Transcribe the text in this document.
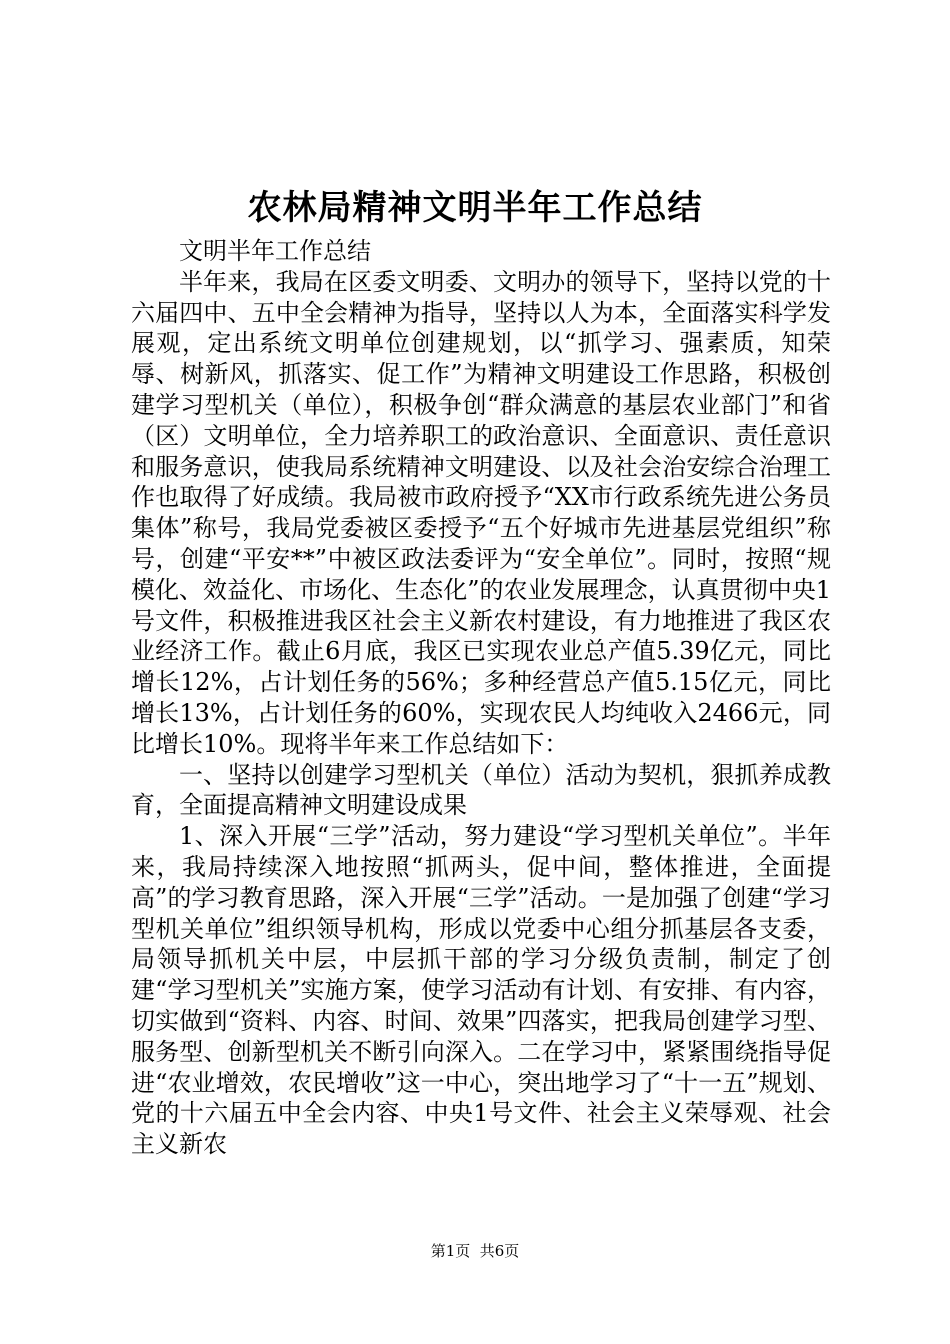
农林局精神文明半年工作总结

文明半年工作总结

半年来，我局在区委文明委、文明办的领导下，坚持以党的十六届四中、五中全会精神为指导，坚持以人为本，全面落实科学发展观，定出系统文明单位创建规划，以“抓学习、强素质，知荣辱、树新风，抓落实、促工作”为精神文明建设工作思路，积极创建学习型机关（单位），积极争创“群众满意的基层农业部门”和省（区）文明单位，全力培养职工的政治意识、全面意识、责任意识和服务意识，使我局系统精神文明建设、以及社会治安综合治理工作也取得了好成绩。我局被市政府授予“XX市行政系统先进公务员集体”称号，我局党委被区委授予“五个好城市先进基层党组织”称号，创建“平安**”中被区政法委评为“安全单位”。同时，按照“规模化、效益化、市场化、生态化”的农业发展理念，认真贯彻中央1号文件，积极推进我区社会主义新农村建设，有力地推进了我区农业经济工作。截止6月底，我区已实现农业总产值5.39亿元，同比增长12%，占计划任务的56%；多种经营总产值5.15亿元，同比增长13%，占计划任务的60%，实现农民人均纯收入2466元，同比增长10%。现将半年来工作总结如下：

一、坚持以创建学习型机关（单位）活动为契机，狠抓养成教育，全面提高精神文明建设成果

1、深入开展“三学”活动，努力建设“学习型机关单位”。半年来，我局持续深入地按照“抓两头，促中间，整体推进，全面提高”的学习教育思路，深入开展“三学”活动。一是加强了创建“学习型机关单位”组织领导机构，形成以党委中心组分抓基层各支委，局领导抓机关中层，中层抓干部的学习分级负责制，制定了创建“学习型机关”实施方案，使学习活动有计划、有安排、有内容，切实做到“资料、内容、时间、效果”四落实，把我局创建学习型、服务型、创新型机关不断引向深入。二在学习中，紧紧围绕指导促进“农业增效，农民增收”这一中心，突出地学习了“十一五”规划、党的十六届五中全会内容、中央1号文件、社会主义荣辱观、社会主义新农

第1页  共6页
